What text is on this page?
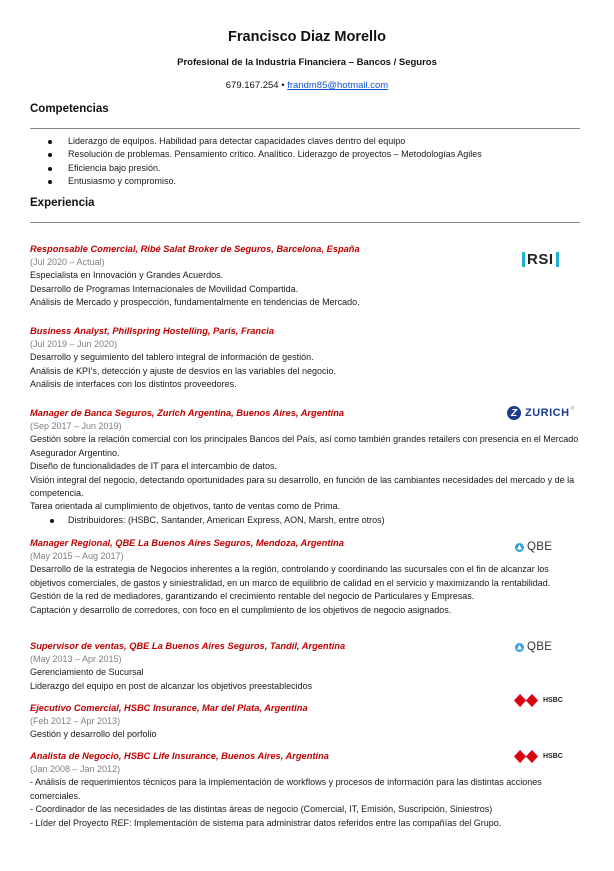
Francisco Diaz Morello
Profesional de la Industria Financiera – Bancos / Seguros
679.167.254 • frandm85@hotmail.com
Competencias
Liderazgo de equipos. Habilidad para detectar capacidades claves dentro del equipo
Resolución de problemas. Pensamiento crítico. Analítico. Liderazgo de proyectos – Metodologías Agiles
Eficiencia bajo presión.
Entusiasmo y compromiso.
Experiencia
Responsable Comercial, Ribé Salat Broker de Seguros, Barcelona, España
(Jul 2020 – Actual)
Especialista en Innovación y Grandes Acuerdos.
Desarrollo de Programas Internacionales de Movilidad Compartida.
Análisis de Mercado y prospección, fundamentalmente en tendencias de Mercado.
RSI
Business Analyst, Phillspring Hostelling, París, Francia
(Jul 2019 – Jun 2020)
Desarrollo y seguimiento del tablero integral de información de gestión.
Análisis de KPI’s, detección y ajuste de desvíos en las variables del negocio.
Análisis de interfaces con los distintos proveedores.
Manager de Banca Seguros, Zurich Argentina, Buenos Aires, Argentina
(Sep 2017 – Jun 2019)
Gestión sobre la relación comercial con los principales Bancos del País, así como también grandes retailers con presencia en el Mercado Asegurador Argentino.
Diseño de funcionalidades de IT para el intercambio de datos.
Visión integral del negocio, detectando oportunidades para su desarrollo, en función de las cambiantes necesidades del mercado y de la competencia.
Tarea orientada al cumplimiento de objetivos, tanto de ventas como de Prima.
Distribuidores: (HSBC, Santander, American Express, AON, Marsh, entre otros)
Z ZURICH ®
Manager Regional, QBE La Buenos Aires Seguros, Mendoza, Argentina
(May 2015 – Aug 2017)
Desarrollo de la estrategia de Negocios inherentes a la región, controlando y coordinando las sucursales con el fin de alcanzar los objetivos comerciales, de gastos y siniestralidad, en un marco de equilibrio de calidad en el servicio y maximizando la rentabilidad.
Gestión de la red de mediadores, garantizando el crecimiento rentable del negocio de Particulares y Empresas.
Captación y desarrollo de corredores, con foco en el cumplimiento de los objetivos de negocio asignados.
QBE
Supervisor de ventas, QBE La Buenos Aires Seguros, Tandil, Argentina
(May 2013 – Apr 2015)
Gerenciamiento de Sucursal
Liderazgo del equipo en post de alcanzar los objetivos preestablecidos
QBE
Ejecutivo Comercial, HSBC Insurance, Mar del Plata, Argentina
(Feb 2012 – Apr 2013)
Gestión y desarrollo del porfolio
HSBC
Analista de Negocio, HSBC Life Insurance, Buenos Aires, Argentina
(Jan 2008 – Jan 2012)
- Análisis de requerimientos técnicos para la implementación de workflows y procesos de información para las distintas acciones comerciales.
- Coordinador de las necesidades de las distintas áreas de negocio (Comercial, IT, Emisión, Suscripción, Siniestros)
- Líder del Proyecto REF: Implementación de sistema para administrar datos referidos entre las compañías del Grupo.
HSBC
